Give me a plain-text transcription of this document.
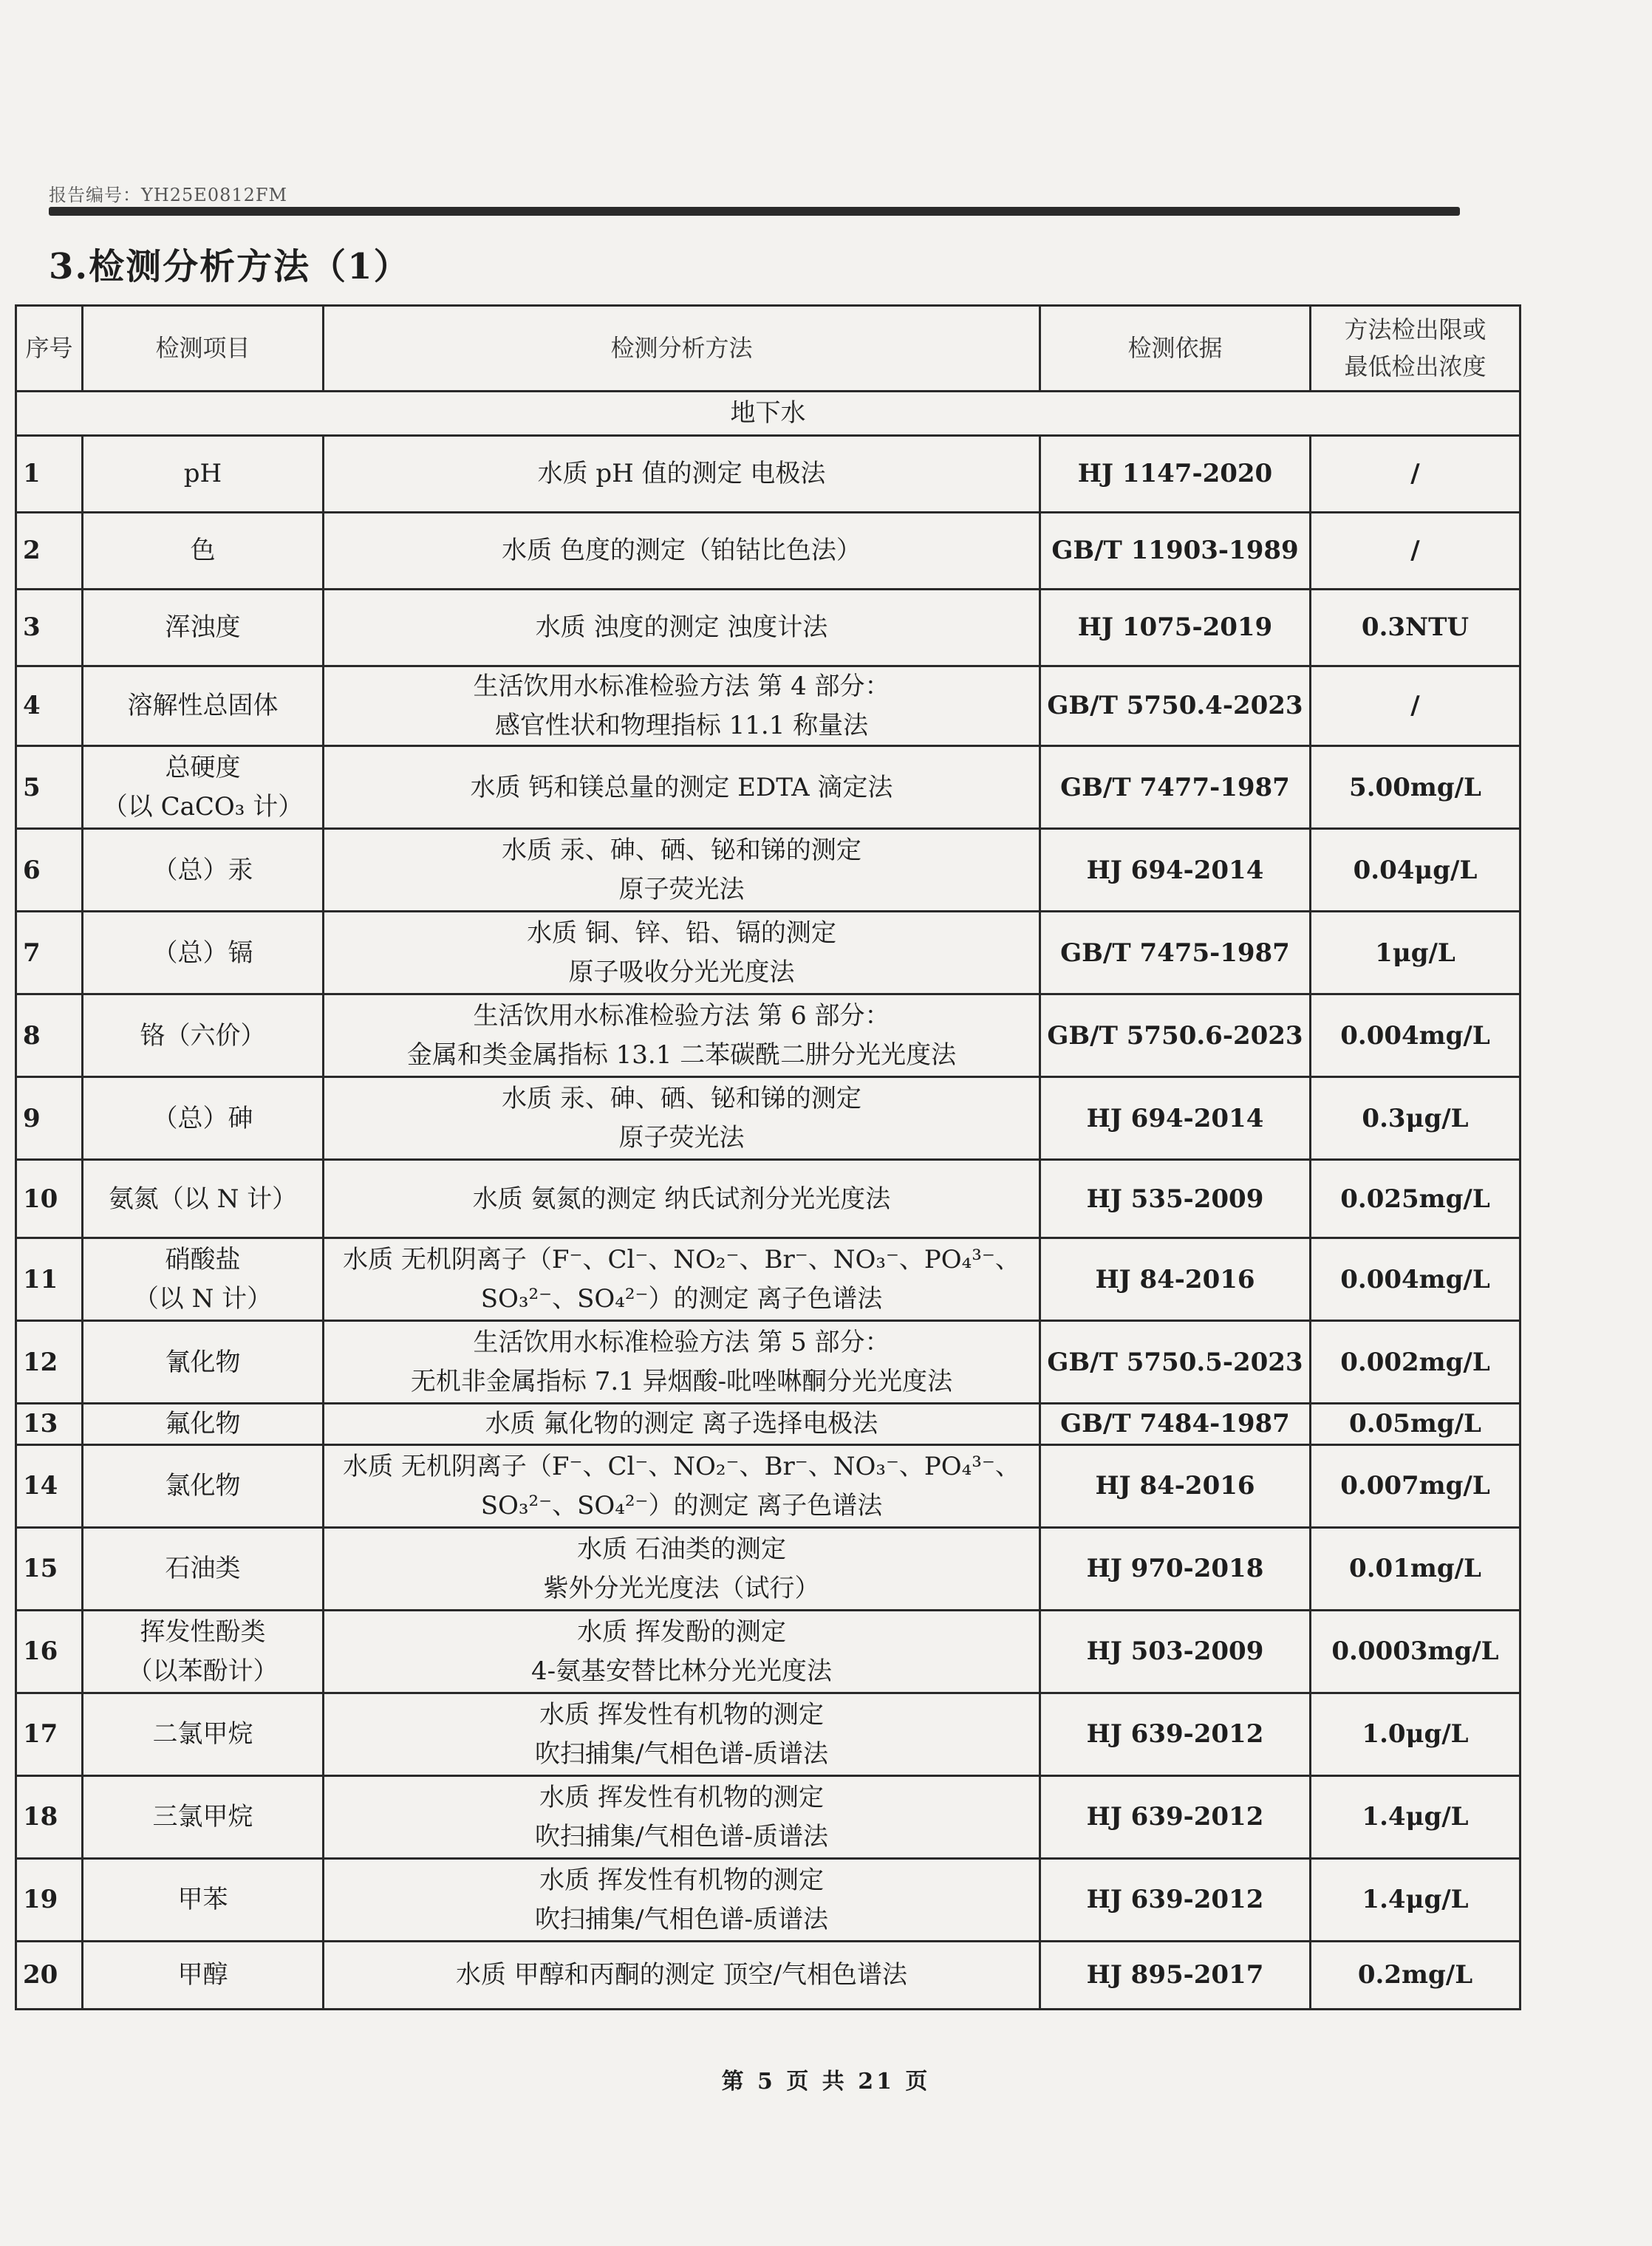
报告编号：YH25E0812FM
3.检测分析方法（1）
序号	检测项目	检测分析方法	检测依据	方法检出限或
最低检出浓度

地下水				
1	pH	水质 pH 值的测定 电极法	HJ 1147-2020	/
2	色	水质 色度的测定（铂钴比色法）	GB/T 11903-1989	/
3	浑浊度	水质 浊度的测定 浊度计法	HJ 1075-2019	0.3NTU
4	溶解性总固体	生活饮用水标准检验方法 第 4 部分：
感官性状和物理指标 11.1 称量法	GB/T 5750.4-2023	/
5	总硬度
（以 CaCO₃ 计）	水质 钙和镁总量的测定 EDTA 滴定法	GB/T 7477-1987	5.00mg/L
6	（总）汞	水质 汞、砷、硒、铋和锑的测定
原子荧光法	HJ 694-2014	0.04μg/L
7	（总）镉	水质 铜、锌、铅、镉的测定
原子吸收分光光度法	GB/T 7475-1987	1μg/L
8	铬（六价）	生活饮用水标准检验方法 第 6 部分：
金属和类金属指标 13.1 二苯碳酰二肼分光光度法	GB/T 5750.6-2023	0.004mg/L
9	（总）砷	水质 汞、砷、硒、铋和锑的测定
原子荧光法	HJ 694-2014	0.3μg/L
10	氨氮（以 N 计）	水质 氨氮的测定 纳氏试剂分光光度法	HJ 535-2009	0.025mg/L
11	硝酸盐
（以 N 计）	水质 无机阴离子（F⁻、Cl⁻、NO₂⁻、Br⁻、NO₃⁻、PO₄³⁻、
SO₃²⁻、SO₄²⁻）的测定 离子色谱法	HJ 84-2016	0.004mg/L
12	氰化物	生活饮用水标准检验方法 第 5 部分：
无机非金属指标 7.1 异烟酸-吡唑啉酮分光光度法	GB/T 5750.5-2023	0.002mg/L
13	氟化物	水质 氟化物的测定 离子选择电极法	GB/T 7484-1987	0.05mg/L
14	氯化物	水质 无机阴离子（F⁻、Cl⁻、NO₂⁻、Br⁻、NO₃⁻、PO₄³⁻、
SO₃²⁻、SO₄²⁻）的测定 离子色谱法	HJ 84-2016	0.007mg/L
15	石油类	水质 石油类的测定
紫外分光光度法（试行）	HJ 970-2018	0.01mg/L
16	挥发性酚类
（以苯酚计）	水质 挥发酚的测定
4-氨基安替比林分光光度法	HJ 503-2009	0.0003mg/L
17	二氯甲烷	水质 挥发性有机物的测定
吹扫捕集/气相色谱-质谱法	HJ 639-2012	1.0μg/L
18	三氯甲烷	水质 挥发性有机物的测定
吹扫捕集/气相色谱-质谱法	HJ 639-2012	1.4μg/L
19	甲苯	水质 挥发性有机物的测定
吹扫捕集/气相色谱-质谱法	HJ 639-2012	1.4μg/L
20	甲醇	水质 甲醇和丙酮的测定 顶空/气相色谱法	HJ 895-2017	0.2mg/L
第 5 页 共 21 页
